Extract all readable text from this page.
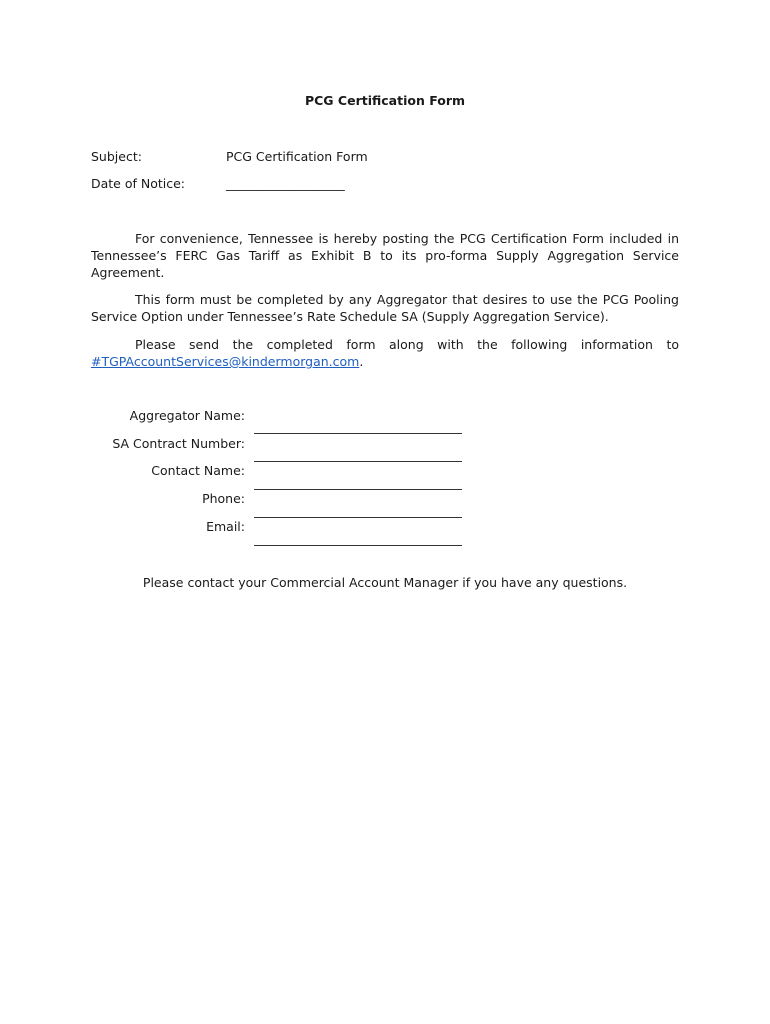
PCG Certification Form
Subject:	PCG Certification Form
Date of Notice:	___________________

For convenience, Tennessee is hereby posting the PCG Certification Form included in Tennessee’s FERC Gas Tariff as Exhibit B to its pro-forma Supply Aggregation Service Agreement.

This form must be completed by any Aggregator that desires to use the PCG Pooling Service Option under Tennessee’s Rate Schedule SA (Supply Aggregation Service).

Please send the completed form along with the following information to #TGPAccountServices@kindermorgan.com.

Aggregator Name:
SA Contract Number:
Contact Name:
Phone:
Email:
Please contact your Commercial Account Manager if you have any questions.
